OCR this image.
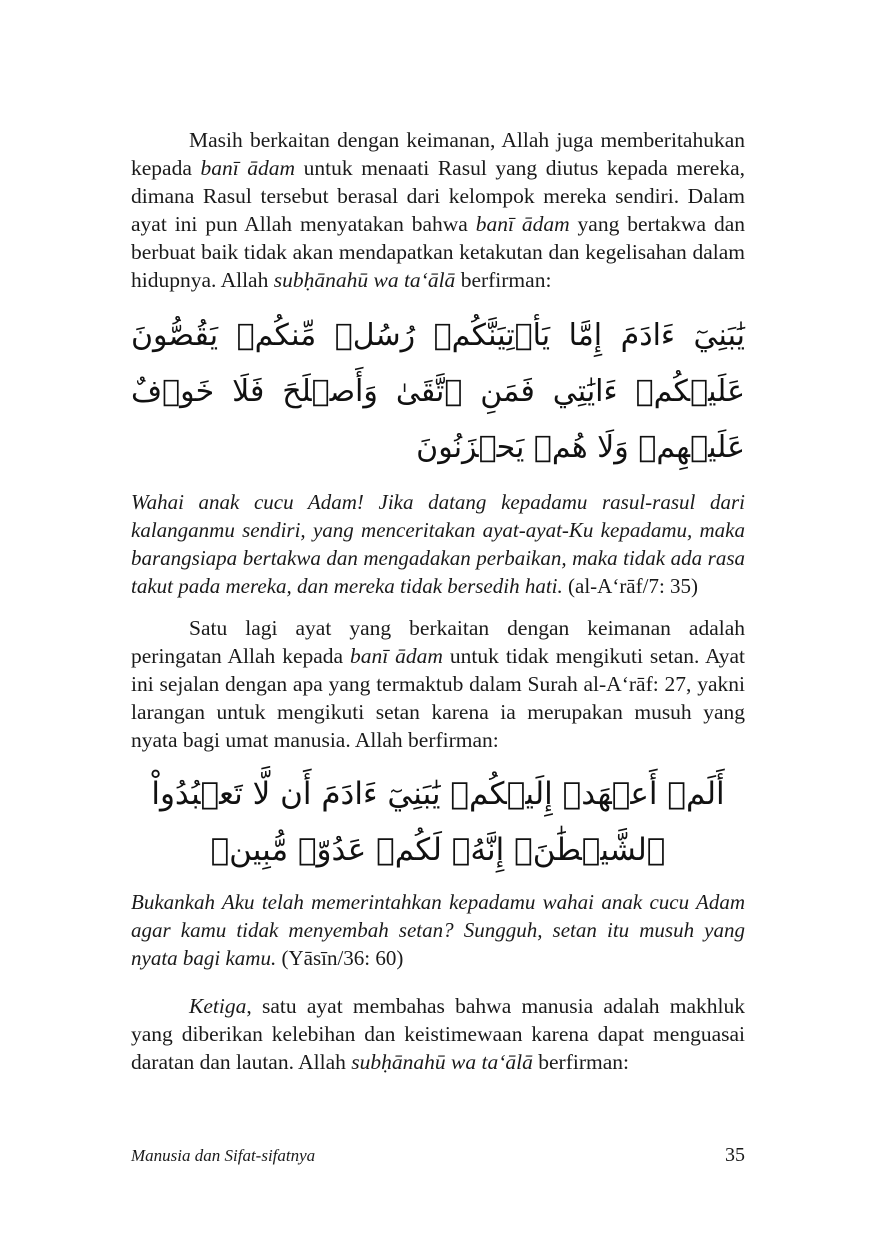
Masih berkaitan dengan keimanan, Allah juga memberitahukan kepada banī ādam untuk menaati Rasul yang diutus kepada mereka, dimana Rasul tersebut berasal dari kelompok mereka sendiri. Dalam ayat ini pun Allah menyatakan bahwa banī ādam yang bertakwa dan berbuat baik tidak akan mendapatkan ketakutan dan kegelisahan dalam hidupnya. Allah subḥānahū wa ta‘ālā berfirman:

يَٰبَنِيٓ ءَادَمَ إِمَّا يَأۡتِيَنَّكُمۡ رُسُلٞ مِّنكُمۡ يَقُصُّونَ عَلَيۡكُمۡ ءَايَٰتِي فَمَنِ ٱتَّقَىٰ وَأَصۡلَحَ فَلَا خَوۡفٌ عَلَيۡهِمۡ وَلَا هُمۡ يَحۡزَنُونَ

Wahai anak cucu Adam! Jika datang kepadamu rasul-rasul dari kalanganmu sendiri, yang menceritakan ayat-ayat-Ku kepadamu, maka barangsiapa bertakwa dan mengadakan perbaikan, maka tidak ada rasa takut pada mereka, dan mereka tidak bersedih hati. (al-A‘rāf/7: 35)

Satu lagi ayat yang berkaitan dengan keimanan adalah peringatan Allah kepada banī ādam untuk tidak mengikuti setan. Ayat ini sejalan dengan apa yang termaktub dalam Surah al-A‘rāf: 27, yakni larangan untuk mengikuti setan karena ia merupakan musuh yang nyata bagi umat manusia. Allah berfirman:

أَلَمۡ أَعۡهَدۡ إِلَيۡكُمۡ يَٰبَنِيٓ ءَادَمَ أَن لَّا تَعۡبُدُواْ ٱلشَّيۡطَٰنَۖ إِنَّهُۥ لَكُمۡ عَدُوّٞ مُّبِينٞ

Bukankah Aku telah memerintahkan kepadamu wahai anak cucu Adam agar kamu tidak menyembah setan? Sungguh, setan itu musuh yang nyata bagi kamu. (Yāsīn/36: 60)

Ketiga, satu ayat membahas bahwa manusia adalah makhluk yang diberikan kelebihan dan keistimewaan karena dapat menguasai daratan dan lautan. Allah subḥānahū wa ta‘ālā berfirman:

Manusia dan Sifat-sifatnya	35
